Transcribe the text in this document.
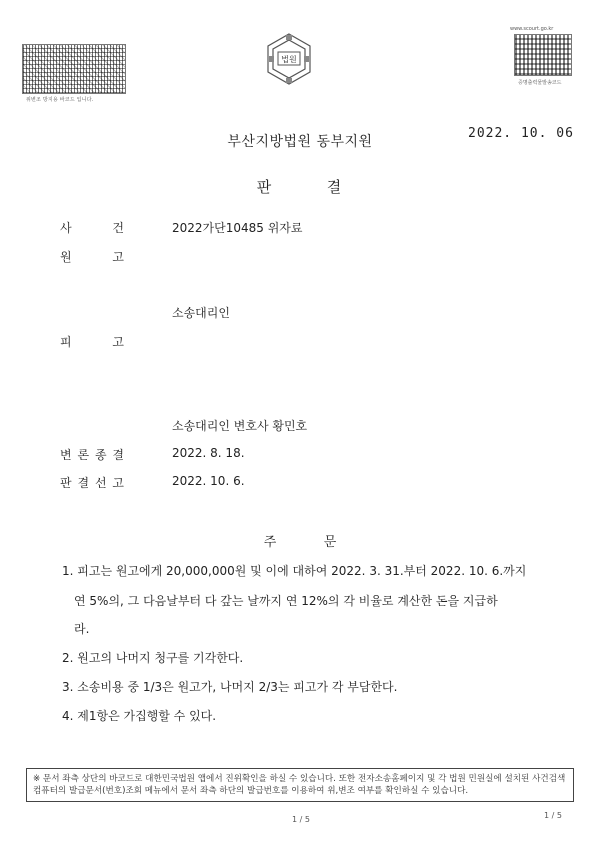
위변조 방지용 바코드 입니다.
법원
www.scourt.go.kr
증명출력물발송코드
부산지방법원 동부지원
2022. 10. 06
판	결
사	건	2022가단10485 위자료
원	고
소송대리인
피	고
소송대리인 변호사 황민호
변 론 종 결	2022. 8. 18.
판 결 선 고	2022. 10. 6.
주	문
1. 피고는 원고에게 20,000,000원 및 이에 대하여 2022. 3. 31.부터 2022. 10. 6.까지
연 5%의, 그 다음날부터 다 갚는 날까지 연 12%의 각 비율로 계산한 돈을 지급하
라.
2. 원고의 나머지 청구를 기각한다.
3. 소송비용 중 1/3은 원고가, 나머지 2/3는 피고가 각 부담한다.
4. 제1항은 가집행할 수 있다.
※ 문서 좌측 상단의 바코드로 대한민국법원 앱에서 진위확인을 하실 수 있습니다. 또한 전자소송홈페이지 및 각 법원 민원실에 설치된 사건검색 컴퓨터의 발급문서(번호)조회 메뉴에서 문서 좌측 하단의 발급번호를 이용하여 위,변조 여부를 확인하실 수 있습니다.
1 / 5
1 / 5
